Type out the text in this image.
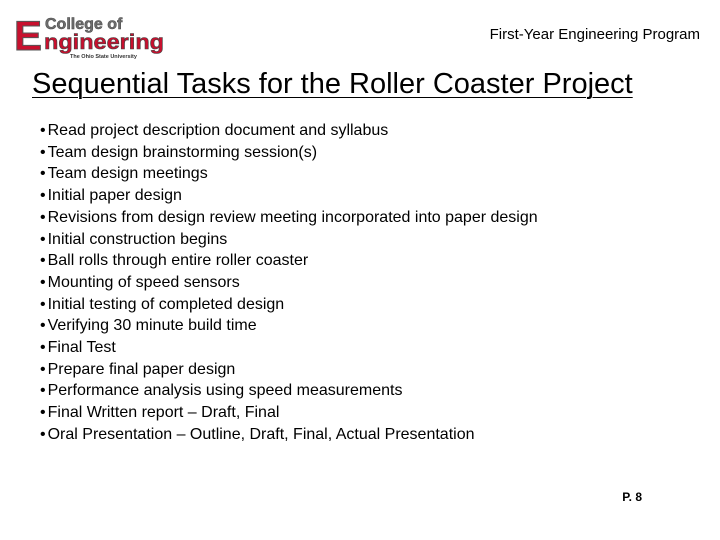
E College of
ngineering
The Ohio State University
First-Year Engineering Program
Sequential Tasks for the Roller Coaster Project
• Read project description document and syllabus
• Team design brainstorming session(s)
• Team design meetings
• Initial paper design
• Revisions from design review meeting incorporated into paper design
• Initial construction begins
• Ball rolls through entire roller coaster
• Mounting of speed sensors
• Initial testing of completed design
• Verifying 30 minute build time
• Final Test
• Prepare final paper design
• Performance analysis using speed measurements
• Final Written report – Draft, Final
• Oral Presentation – Outline, Draft, Final, Actual Presentation
P. 8
